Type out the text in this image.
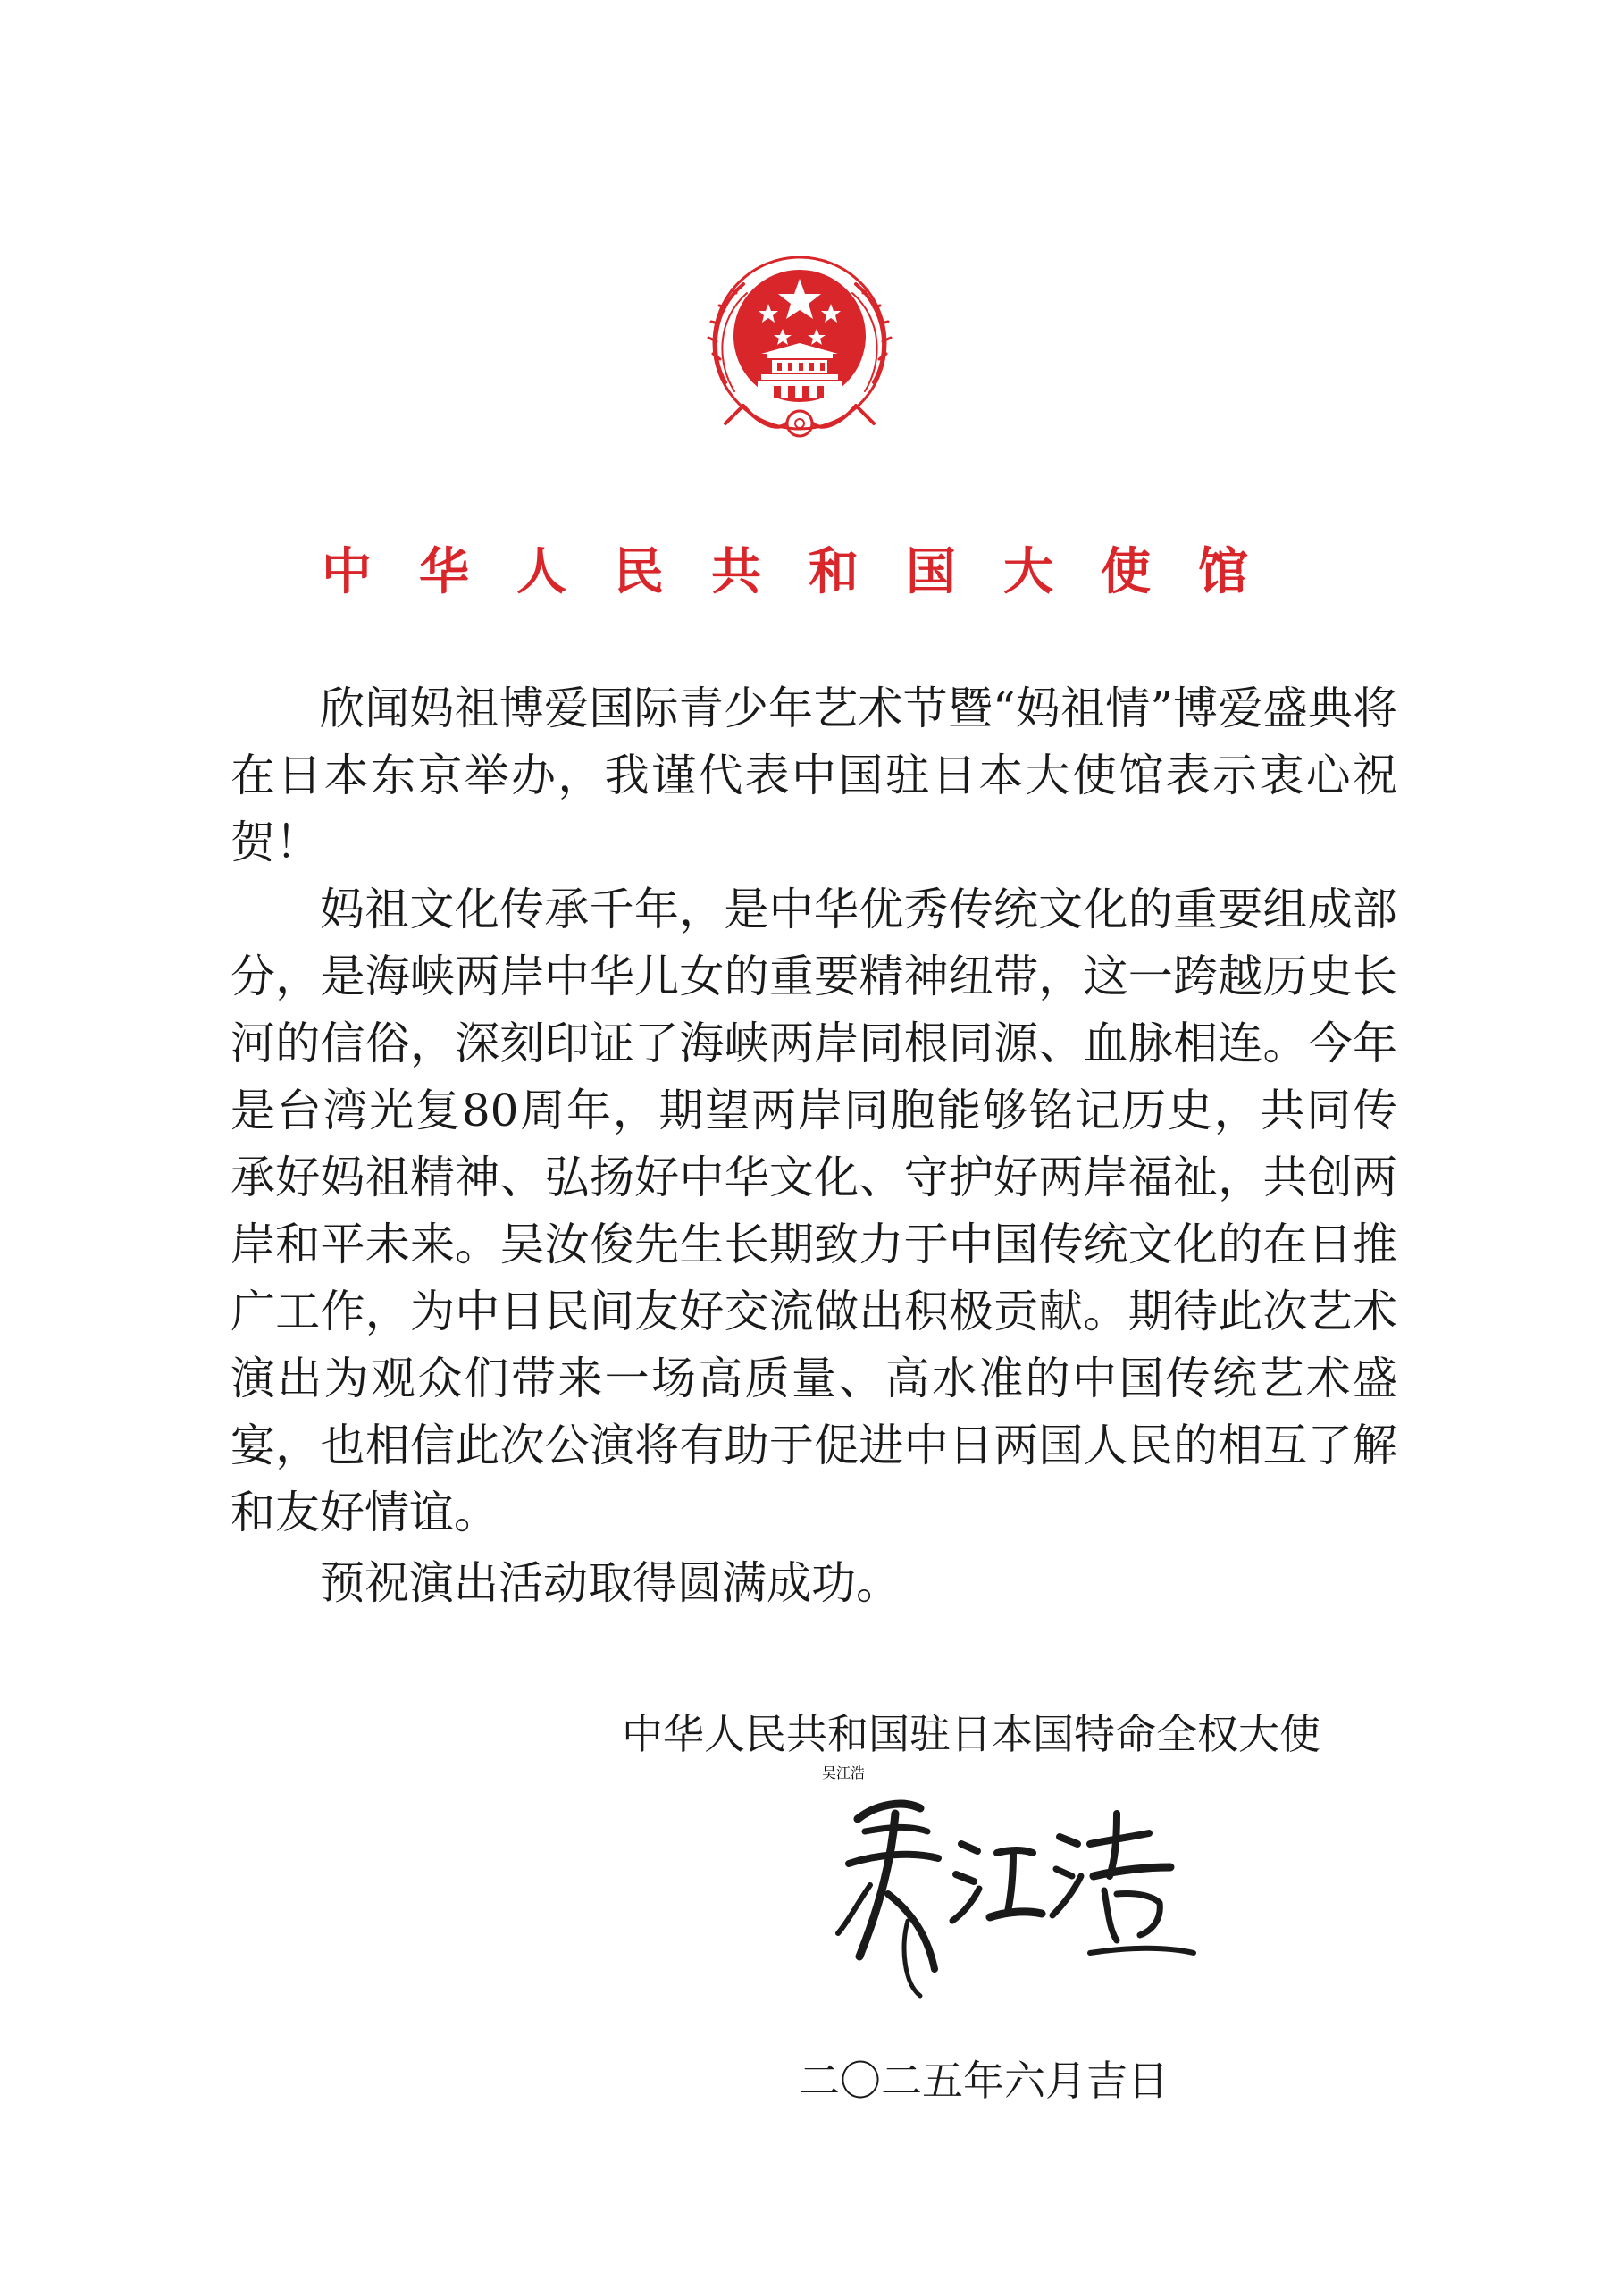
中华人民共和国大使馆

欣闻妈祖博爱国际青少年艺术节暨“妈祖情”博爱盛典将在日本东京举办，我谨代表中国驻日本大使馆表示衷心祝贺！

妈祖文化传承千年，是中华优秀传统文化的重要组成部分，是海峡两岸中华儿女的重要精神纽带，这一跨越历史长河的信俗，深刻印证了海峡两岸同根同源、血脉相连。今年是台湾光复80周年，期望两岸同胞能够铭记历史，共同传承好妈祖精神、弘扬好中华文化、守护好两岸福祉，共创两岸和平未来。吴汝俊先生长期致力于中国传统文化的在日推广工作，为中日民间友好交流做出积极贡献。期待此次艺术演出为观众们带来一场高质量、高水准的中国传统艺术盛宴，也相信此次公演将有助于促进中日两国人民的相互了解和友好情谊。

预祝演出活动取得圆满成功。

中华人民共和国驻日本国特命全权大使

吴江浩

二〇二五年六月吉日
